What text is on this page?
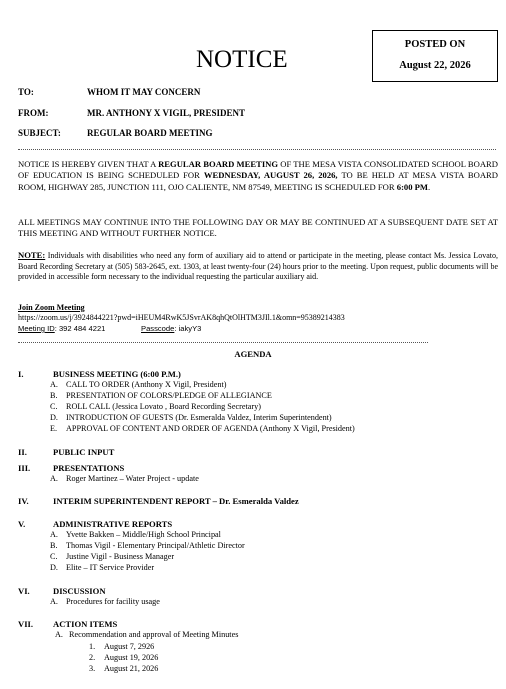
POSTED ON
August 22, 2026
NOTICE
TO:	WHOM IT MAY CONCERN
FROM:	MR. ANTHONY X VIGIL, PRESIDENT
SUBJECT:	REGULAR BOARD MEETING
NOTICE IS HEREBY GIVEN THAT A REGULAR BOARD MEETING OF THE MESA VISTA CONSOLIDATED SCHOOL BOARD OF EDUCATION IS BEING SCHEDULED FOR WEDNESDAY, AUGUST 26, 2026, TO BE HELD AT MESA VISTA BOARD ROOM, HIGHWAY 285, JUNCTION 111, OJO CALIENTE, NM 87549, MEETING IS SCHEDULED FOR 6:00 PM.
ALL MEETINGS MAY CONTINUE INTO THE FOLLOWING DAY OR MAY BE CONTINUED AT A SUBSEQUENT DATE SET AT THIS MEETING AND WITHOUT FURTHER NOTICE.
NOTE: Individuals with disabilities who need any form of auxiliary aid to attend or participate in the meeting, please contact Ms. Jessica Lovato, Board Recording Secretary at (505) 583-2645, ext. 1303, at least twenty-four (24) hours prior to the meeting. Upon request, public documents will be provided in accessible form necessary to the individual requesting the particular auxiliary aid.
Join Zoom Meeting
https://zoom.us/j/3924844221?pwd=iHEUM4RwK5JSvrAK8qhQtOlHTM3JIl.1&omn=95389214383
Meeting ID: 392 484 4221	Passcode: iakyY3
AGENDA
I.	BUSINESS MEETING (6:00 P.M.)
A. CALL TO ORDER (Anthony X Vigil, President)
B. PRESENTATION OF COLORS/PLEDGE OF ALLEGIANCE
C. ROLL CALL (Jessica Lovato , Board Recording Secretary)
D. INTRODUCTION OF GUESTS (Dr. Esmeralda Valdez, Interim Superintendent)
E. APPROVAL OF CONTENT AND ORDER OF AGENDA (Anthony X Vigil, President)
II.	PUBLIC INPUT
III.	PRESENTATIONS
A. Roger Martinez – Water Project - update
IV.	INTERIM SUPERINTENDENT REPORT – Dr. Esmeralda Valdez
V.	ADMINISTRATIVE REPORTS
A. Yvette Bakken – Middle/High School Principal
B. Thomas Vigil - Elementary Principal/Athletic Director
C. Justine Vigil - Business Manager
D. Elite – IT Service Provider
VI.	DISCUSSION
A. Procedures for facility usage
VII. ACTION ITEMS
A. Recommendation and approval of Meeting Minutes
1. August 7, 2926
2. August 19, 2026
3. August 21, 2026
